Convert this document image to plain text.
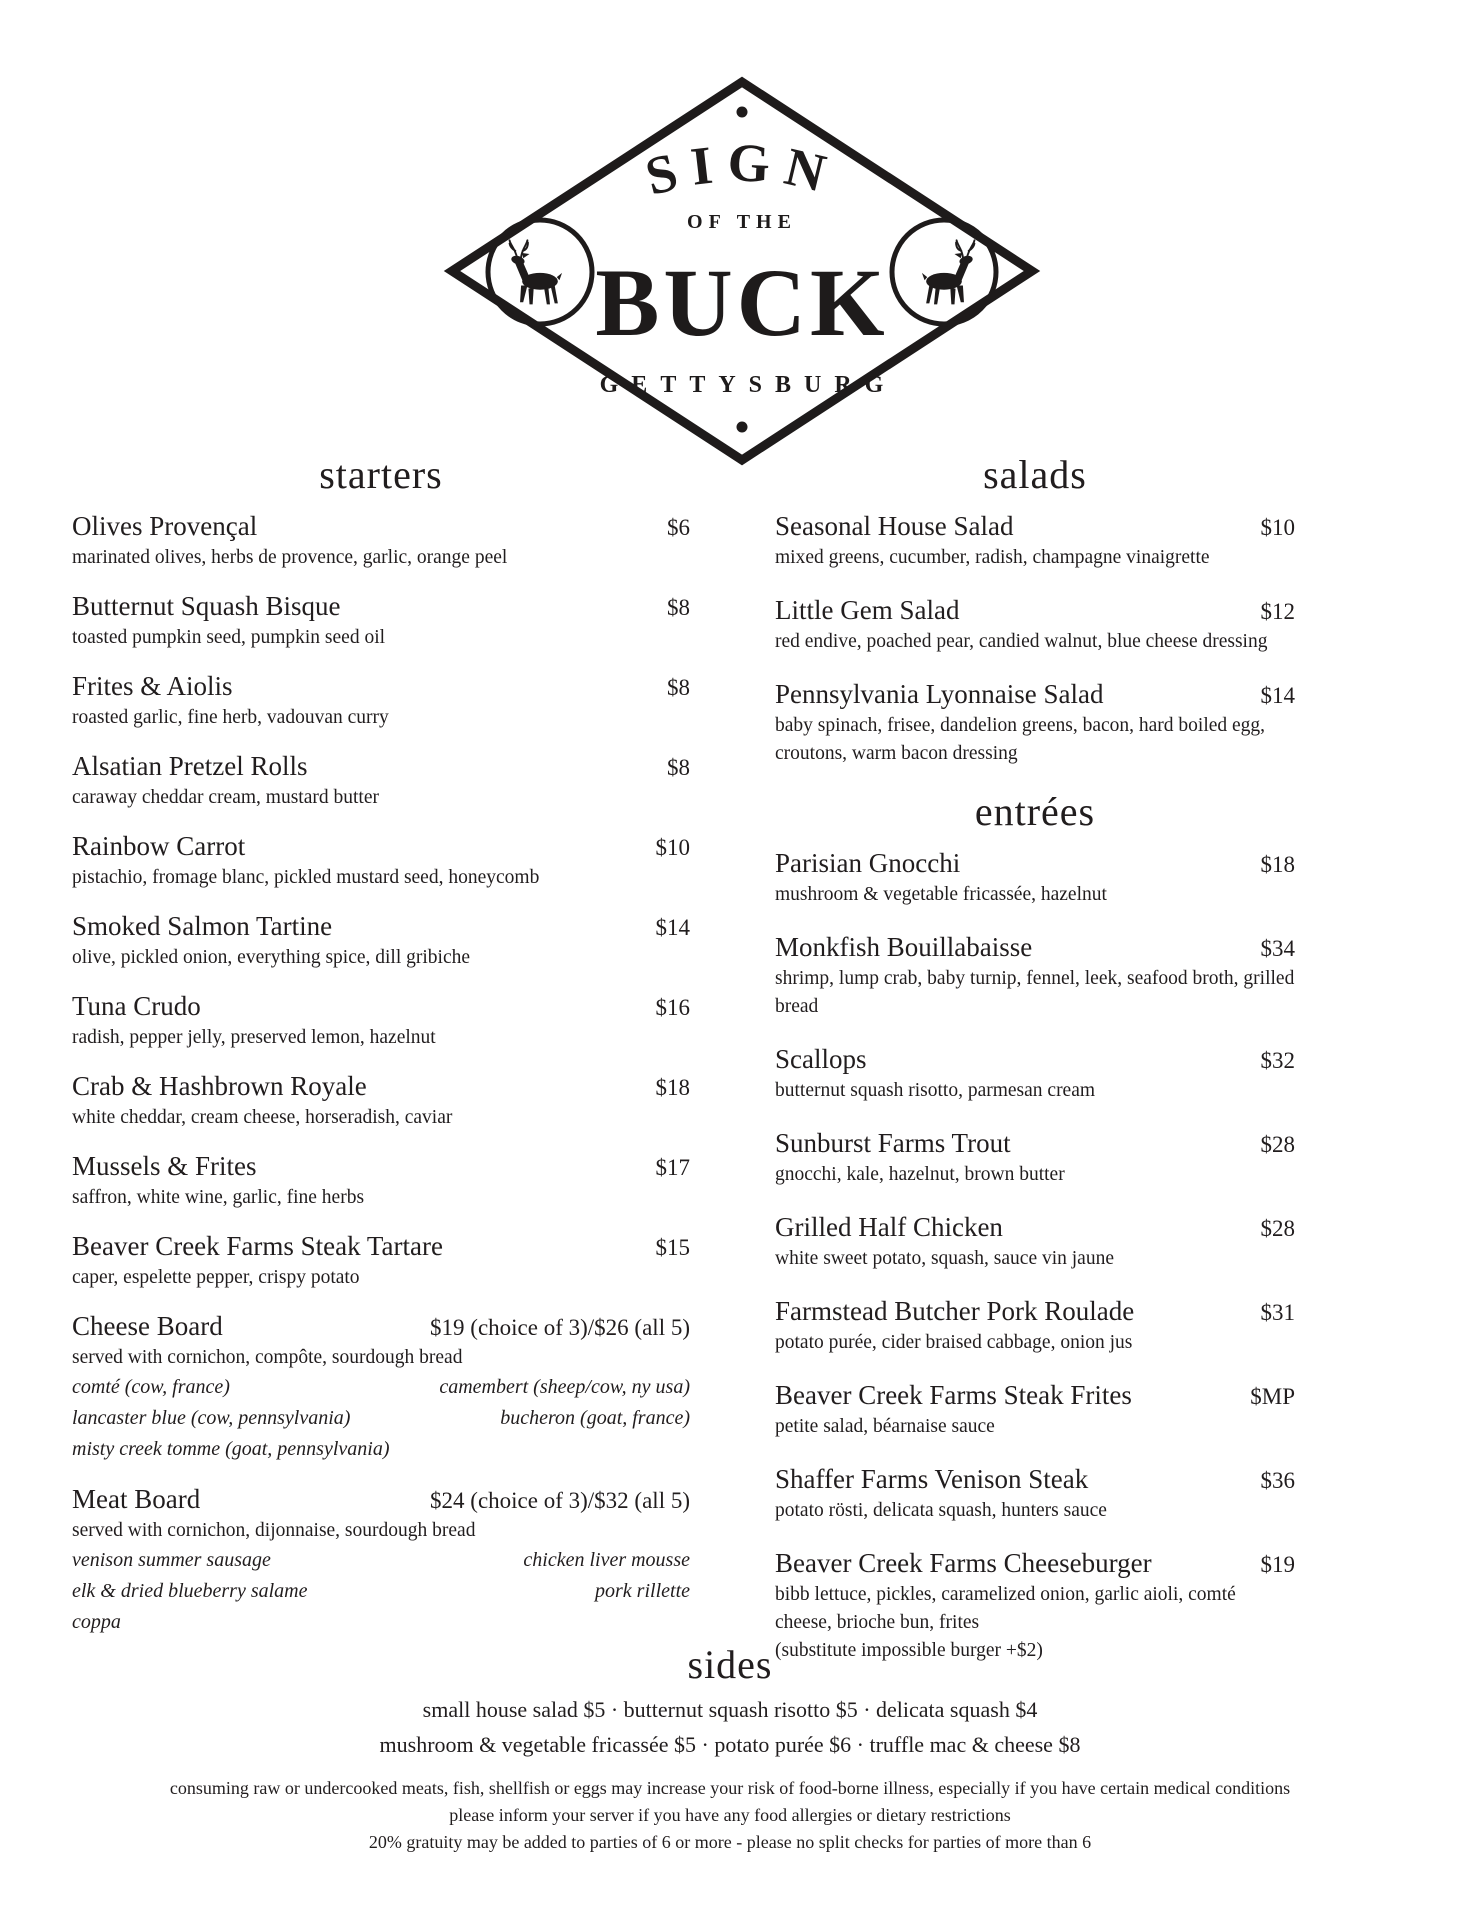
SIGN
OF THE
BUCK
GETTYSBURG
starters
Olives Provençal	$6
marinated olives, herbs de provence, garlic, orange peel
Butternut Squash Bisque	$8
toasted pumpkin seed, pumpkin seed oil
Frites & Aiolis	$8
roasted garlic, fine herb, vadouvan curry
Alsatian Pretzel Rolls	$8
caraway cheddar cream, mustard butter
Rainbow Carrot	$10
pistachio, fromage blanc, pickled mustard seed, honeycomb
Smoked Salmon Tartine	$14
olive, pickled onion, everything spice, dill gribiche
Tuna Crudo	$16
radish, pepper jelly, preserved lemon, hazelnut
Crab & Hashbrown Royale	$18
white cheddar, cream cheese, horseradish, caviar
Mussels & Frites	$17
saffron, white wine, garlic, fine herbs
Beaver Creek Farms Steak Tartare	$15
caper, espelette pepper, crispy potato
Cheese Board	$19 (choice of 3)/$26 (all 5)
served with cornichon, compôte, sourdough bread
comté (cow, france)	camembert (sheep/cow, ny usa)
lancaster blue (cow, pennsylvania)	bucheron (goat, france)
misty creek tomme (goat, pennsylvania)
Meat Board	$24 (choice of 3)/$32 (all 5)
served with cornichon, dijonnaise, sourdough bread
venison summer sausage	chicken liver mousse
elk & dried blueberry salame	pork rillette
coppa
salads
Seasonal House Salad	$10
mixed greens, cucumber, radish, champagne vinaigrette
Little Gem Salad	$12
red endive, poached pear, candied walnut, blue cheese dressing
Pennsylvania Lyonnaise Salad	$14
baby spinach, frisee, dandelion greens, bacon, hard boiled egg, croutons, warm bacon dressing
entrées
Parisian Gnocchi	$18
mushroom & vegetable fricassée, hazelnut
Monkfish Bouillabaisse	$34
shrimp, lump crab, baby turnip, fennel, leek, seafood broth, grilled bread
Scallops	$32
butternut squash risotto, parmesan cream
Sunburst Farms Trout	$28
gnocchi, kale, hazelnut, brown butter
Grilled Half Chicken	$28
white sweet potato, squash, sauce vin jaune
Farmstead Butcher Pork Roulade	$31
potato purée, cider braised cabbage, onion jus
Beaver Creek Farms Steak Frites	$MP
petite salad, béarnaise sauce
Shaffer Farms Venison Steak	$36
potato rösti, delicata squash, hunters sauce
Beaver Creek Farms Cheeseburger	$19
bibb lettuce, pickles, caramelized onion, garlic aioli, comté cheese, brioche bun, frites
(substitute impossible burger +$2)
sides
small house salad $5 · butternut squash risotto $5 · delicata squash $4
mushroom & vegetable fricassée $5 · potato purée $6 · truffle mac & cheese $8
consuming raw or undercooked meats, fish, shellfish or eggs may increase your risk of food-borne illness, especially if you have certain medical conditions
please inform your server if you have any food allergies or dietary restrictions
20% gratuity may be added to parties of 6 or more - please no split checks for parties of more than 6
